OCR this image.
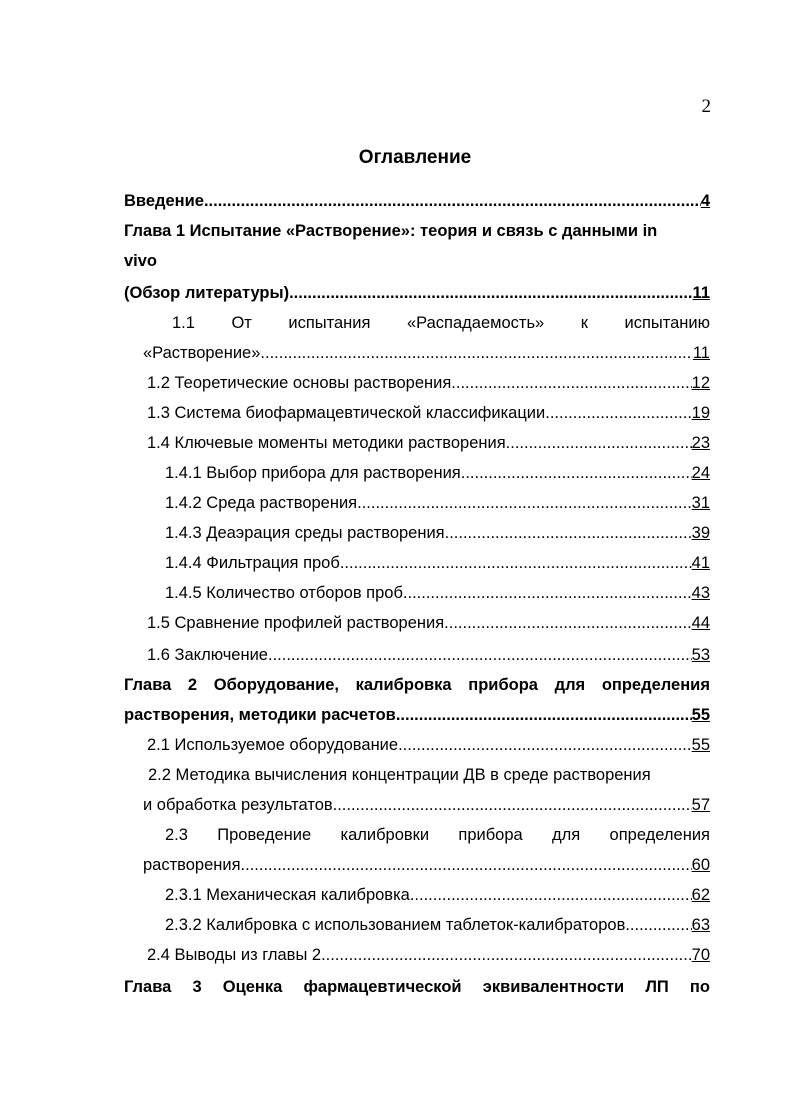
2
Оглавление
Введение .....	4
Глава 1 Испытание «Растворение»: теория и связь с данными in
vivo
(Обзор литературы) .....	11
1.1 От испытания «Распадаемость» к испытанию
«Растворение» .....	11
1.2 Теоретические основы растворения .....	12
1.3 Система биофармацевтической классификации .....	19
1.4 Ключевые моменты методики растворения .....	23
1.4.1 Выбор прибора для растворения .....	24
1.4.2 Среда растворения .....	31
1.4.3 Деаэрация среды растворения .....	39
1.4.4 Фильтрация проб .....	41
1.4.5 Количество отборов проб .....	43
1.5 Сравнение профилей растворения .....	44
1.6 Заключение .....	53
Глава 2 Оборудование, калибровка прибора для определения
растворения, методики расчетов .....	55
2.1 Используемое оборудование .....	55
2.2 Методика вычисления концентрации ДВ в среде растворения
и обработка результатов .....	57
2.3 Проведение калибровки прибора для определения
растворения .....	60
2.3.1 Механическая калибровка .....	62
2.3.2 Калибровка с использованием таблеток-калибраторов .....	63
2.4 Выводы из главы 2 .....	70
Глава 3 Оценка фармацевтической эквивалентности ЛП по
